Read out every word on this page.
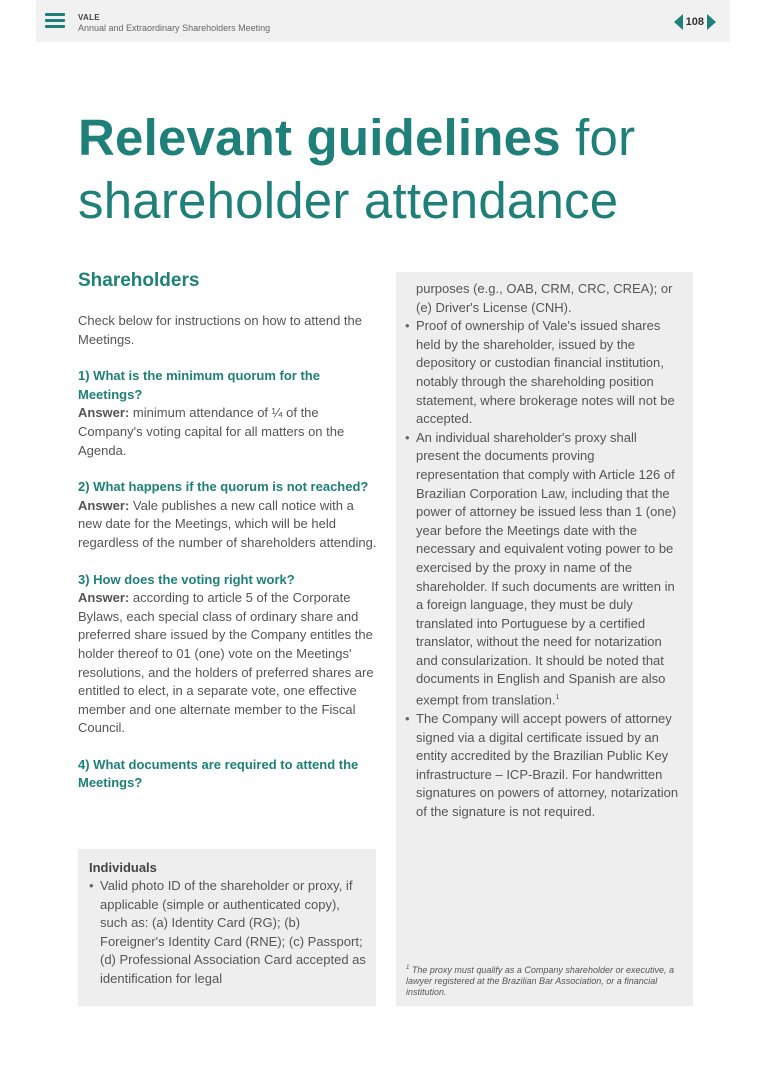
VALE
Annual and Extraordinary Shareholders Meeting	108
Relevant guidelines for
shareholder attendance
Shareholders

Check below for instructions on how to attend the Meetings.

1) What is the minimum quorum for the Meetings?

Answer: minimum attendance of ¼ of the Company's voting capital for all matters on the Agenda.

2) What happens if the quorum is not reached?

Answer: Vale publishes a new call notice with a new date for the Meetings, which will be held regardless of the number of shareholders attending.

3) How does the voting right work?

Answer: according to article 5 of the Corporate Bylaws, each special class of ordinary share and preferred share issued by the Company entitles the holder thereof to 01 (one) vote on the Meetings' resolutions, and the holders of preferred shares are entitled to elect, in a separate vote, one effective member and one alternate member to the Fiscal Council.

4) What documents are required to attend the Meetings?

Individuals

• Valid photo ID of the shareholder or proxy, if applicable (simple or authenticated copy), such as: (a) Identity Card (RG); (b) Foreigner's Identity Card (RNE); (c) Passport; (d) Professional Association Card accepted as identification for legal

purposes (e.g., OAB, CRM, CRC, CREA); or (e) Driver's License (CNH).

• Proof of ownership of Vale's issued shares held by the shareholder, issued by the depository or custodian financial institution, notably through the shareholding position statement, where brokerage notes will not be accepted.
• An individual shareholder's proxy shall present the documents proving representation that comply with Article 126 of Brazilian Corporation Law, including that the power of attorney be issued less than 1 (one) year before the Meetings date with the necessary and equivalent voting power to be exercised by the proxy in name of the shareholder. If such documents are written in a foreign language, they must be duly translated into Portuguese by a certified translator, without the need for notarization and consularization. It should be noted that documents in English and Spanish are also exempt from translation.$^1$
• The Company will accept powers of attorney signed via a digital certificate issued by an entity accredited by the Brazilian Public Key infrastructure – ICP-Brazil. For handwritten signatures on powers of attorney, notarization of the signature is not required.

$^1$ The proxy must qualify as a Company shareholder or executive, a lawyer registered at the Brazilian Bar Association, or a financial institution.
